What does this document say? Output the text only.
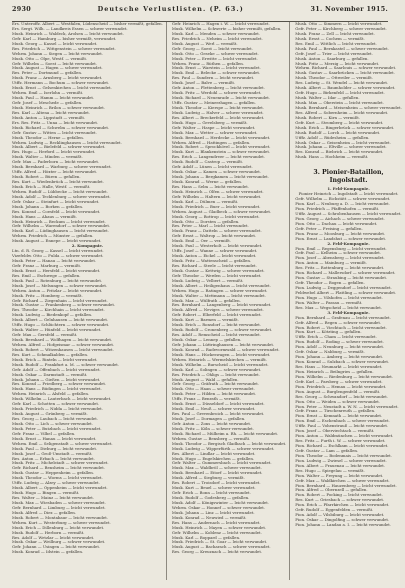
2930	Deutsche Verlustlisten. (P. 63.)	31. November 1915.
Ers. Unteroffz. Albert — Westfalen, Lüdenscheid — bisher vermißt, gefallen.
Ers. Sergt. Wilh. — Landkreis Essen — schwer verwundet.
Musk. Heinrich — Waldeck, Arolsen — leicht verwundet.
Gefr. Karl — Hamburg — bisher vermißt, verwundet.
Musk. Georg — Kassel — leicht verwundet.
Res. Friedrich — Wittgenstein — schwer verwundet.
Wehrm. Johann — Siegen — leicht verwundet.
Musk. Otto — Olpe, Westf. — vermißt.
Gefr. Wilhelm — Soest — leicht verwundet.
Musk. August — Hagen — schwer verwundet.
Res. Peter — Dortmund — gefallen.
Musk. Franz — Arnsberg — leicht verwundet.
Utffz. Hermann — Bochum — schwer verwundet.
Musk. Ernst — Gelsenkirchen — leicht verwundet.
Wehrm. Emil — Iserlohn — vermißt.
Musk. Paul — Hamm — leicht verwundet.
Gefr. Josef — Meschede — gefallen.
Musk. Heinrich — Brilon — schwer verwundet.
Res. Karl — Altena — leicht verwundet.
Musk. Anton — Lippstadt — vermißt.
Ers. Res. Fritz — Unna — leicht verwundet.
Musk. Richard — Schwelm — schwer verwundet.
Gefr. Gustav — Witten — leicht verwundet.
Musk. Theodor — Herne — gefallen.
Wehrm. Ludwig — Recklinghausen — leicht verwundet.
Musk. Albert — Bielefeld — schwer verwundet.
Res. Hugo — Herford — leicht verwundet.
Musk. Walter — Minden — vermißt.
Gefr. Max — Paderborn — leicht verwundet.
Musk. Bernhard — Warburg — schwer verwundet.
Utffz. Alfred — Höxter — leicht verwundet.
Musk. Robert — Büren — gefallen.
Res. Kurt — Wiedenbrück — leicht verwundet.
Musk. Erich — Halle, Westf. — vermißt.
Wehrm. Rudolf — Lübbecke — leicht verwundet.
Musk. Adolf — Tecklenburg — schwer verwundet.
Gefr. Oskar — Steinfurt — leicht verwundet.
Musk. Johann — Borken — gefallen.
Res. Konrad — Coesfeld — leicht verwundet.
Musk. Hans — Ahaus — vermißt.
Musk. Heinrich — Beckum — leicht verwundet.
Gefr. Wilhelm — Warendorf — schwer verwundet.
Musk. Karl — Lüdinghausen — leicht verwundet.
Wehrm. Friedrich — Münster — gefallen.
Musk. August — Ennepe — leicht verwundet.
2. Kompagnie.
Ltn. d. R. Georg — Kassel — leicht verwundet.
Vizefeldw. Otto — Fulda — schwer verwundet.
Musk. Peter — Hanau — leicht verwundet.
Gefr. Franz — Marburg — vermißt.
Musk. Ernst — Hersfeld — leicht verwundet.
Res. Emil — Eschwege — gefallen.
Musk. Paul — Rotenburg — leicht verwundet.
Musk. Josef — Melsungen — schwer verwundet.
Wehrm. Anton — Fritzlar — leicht verwundet.
Musk. Fritz — Homberg — vermißt.
Gefr. Richard — Ziegenhain — leicht verwundet.
Musk. Gustav — Frankenberg — schwer verwundet.
Res. Theodor — Kirchhain — leicht verwundet.
Musk. Ludwig — Biedenkopf — gefallen.
Musk. Albert — Gelnhausen — leicht verwundet.
Utffz. Hugo — Schlüchtern — schwer verwundet.
Musk. Walter — Hünfeld — leicht verwundet.
Gefr. Max — Gersfeld — vermißt.
Musk. Bernhard — Wolfhagen — leicht verwundet.
Wehrm. Alfred — Hofgeismar — schwer verwundet.
Musk. Robert — Witzenhausen — leicht verwundet.
Res. Kurt — Schmalkalden — gefallen.
Musk. Erich — Rinteln — leicht verwundet.
Musk. Rudolf — Frankfurt a. M. — schwer verwundet.
Gefr. Adolf — Offenbach — leicht verwundet.
Musk. Oskar — Darmstadt — vermißt.
Musk. Johann — Gießen — leicht verwundet.
Res. Konrad — Friedberg — schwer verwundet.
Musk. Hans — Büdingen — leicht verwundet.
Wehrm. Heinrich — Alsfeld — gefallen.
Musk. Wilhelm — Lauterbach — leicht verwundet.
Gefr. Karl — Schotten — schwer verwundet.
Musk. Friedrich — Nidda — leicht verwundet.
Musk. August — Grünberg — vermißt.
Res. Georg — Laubach — leicht verwundet.
Musk. Otto — Lich — schwer verwundet.
Musk. Peter — Butzbach — leicht verwundet.
Gefr. Franz — Vilbel — gefallen.
Musk. Ernst — Hanau — leicht verwundet.
Wehrm. Emil — Seligenstadt — schwer verwundet.
Musk. Paul — Dieburg — leicht verwundet.
Musk. Josef — Groß-Umstadt — vermißt.
Res. Anton — Erbach — leicht verwundet.
Musk. Fritz — Michelstadt — schwer verwundet.
Gefr. Richard — Bensheim — leicht verwundet.
Musk. Gustav — Heppenheim — gefallen.
Musk. Theodor — Worms — leicht verwundet.
Utffz. Ludwig — Alzey — schwer verwundet.
Musk. Albert — Oppenheim — leicht verwundet.
Musk. Hugo — Bingen — vermißt.
Res. Walter — Mainz — leicht verwundet.
Musk. Max — Wiesbaden — schwer verwundet.
Gefr. Bernhard — Limburg — leicht verwundet.
Musk. Alfred — Diez — gefallen.
Musk. Robert — Montabaur — leicht verwundet.
Wehrm. Kurt — Westerburg — schwer verwundet.
Musk. Erich — Dillenburg — leicht verwundet.
Musk. Rudolf — Herborn — vermißt.
Res. Adolf — Wetzlar — leicht verwundet.
Musk. Oskar — Weilburg — schwer verwundet.
Gefr. Johann — Usingen — leicht verwundet.
Musk. Konrad — Idstein — gefallen.
Gefr. Heinrich — Hagen i. W. — leicht verwundet.
Musk. Wilhelm — Schwerte — bisher vermißt, gefallen.
Musk. Karl — Menden — schwer verwundet.
Res. Friedrich — Neheim — leicht verwundet.
Musk. August — Werl — vermißt.
Gefr. Georg — Soest — leicht verwundet.
Musk. Otto — Geseke — schwer verwundet.
Musk. Peter — Erwitte — leicht verwundet.
Wehrm. Franz — Rüthen — gefallen.
Musk. Ernst — Warstein — leicht verwundet.
Musk. Emil — Belecke — schwer verwundet.
Res. Paul — Sundern — leicht verwundet.
Musk. Josef — Balve — vermißt.
Gefr. Anton — Plettenberg — leicht verwundet.
Musk. Fritz — Werdohl — schwer verwundet.
Musk. Richard — Neuenrade — leicht verwundet.
Utffz. Gustav — Meinerzhagen — gefallen.
Musk. Theodor — Kierspe — leicht verwundet.
Musk. Ludwig — Halver — schwer verwundet.
Res. Albert — Breckerfeld — leicht verwundet.
Musk. Hugo — Gevelsberg — vermißt.
Gefr. Walter — Haspe — leicht verwundet.
Musk. Max — Wetter — schwer verwundet.
Musk. Bernhard — Herdecke — leicht verwundet.
Wehrm. Alfred — Hattingen — gefallen.
Musk. Robert — Sprockhövel — leicht verwundet.
Musk. Kurt — Blankenstein — schwer verwundet.
Res. Erich — Langendreer — leicht verwundet.
Musk. Rudolf — Castrop — vermißt.
Gefr. Adolf — Lünen — leicht verwundet.
Musk. Oskar — Kamen — schwer verwundet.
Musk. Johann — Bergkamen — leicht verwundet.
Musk. Konrad — Werne — gefallen.
Res. Hans — Selm — leicht verwundet.
Musk. Heinrich — Olfen — schwer verwundet.
Gefr. Wilhelm — Haltern — leicht verwundet.
Musk. Karl — Dülmen — vermißt.
Musk. Friedrich — Buer — leicht verwundet.
Wehrm. August — Gladbeck — schwer verwundet.
Musk. Georg — Bottrop — leicht verwundet.
Musk. Otto — Dorsten — gefallen.
Res. Peter — Marl — leicht verwundet.
Musk. Franz — Datteln — schwer verwundet.
Gefr. Ernst — Waltrop — leicht verwundet.
Musk. Emil — Oer — vermißt.
Musk. Paul — Westerholt — leicht verwundet.
Utffz. Josef — Wanne — schwer verwundet.
Musk. Anton — Eickel — leicht verwundet.
Musk. Fritz — Wattenscheid — gefallen.
Res. Richard — Steele — leicht verwundet.
Musk. Gustav — Kettwig — schwer verwundet.
Gefr. Theodor — Werden — leicht verwundet.
Musk. Ludwig — Velbert — vermißt.
Musk. Albert — Heiligenhaus — leicht verwundet.
Wehrm. Hugo — Ratingen — schwer verwundet.
Musk. Walter — Mettmann — leicht verwundet.
Musk. Max — Wülfrath — gefallen.
Res. Bernhard — Langenberg — leicht verwundet.
Musk. Alfred — Neviges — schwer verwundet.
Gefr. Robert — Elberfeld — leicht verwundet.
Musk. Kurt — Barmen — vermißt.
Musk. Erich — Ronsdorf — leicht verwundet.
Musk. Rudolf — Cronenberg — schwer verwundet.
Res. Adolf — Remscheid — leicht verwundet.
Musk. Oskar — Lennep — gefallen.
Gefr. Johann — Lüttringhausen — leicht verwundet.
Musk. Konrad — Radevormwald — schwer verwundet.
Musk. Hans — Hückeswagen — leicht verwundet.
Wehrm. Heinrich — Wermelskirchen — vermißt.
Musk. Wilhelm — Burscheid — leicht verwundet.
Musk. Karl — Solingen — schwer verwundet.
Res. Friedrich — Ohligs — leicht verwundet.
Musk. August — Wald — gefallen.
Gefr. Georg — Gräfrath — leicht verwundet.
Musk. Otto — Haan — schwer verwundet.
Musk. Peter — Hilden — leicht verwundet.
Utffz. Franz — Benrath — vermißt.
Musk. Ernst — Düsseldorf — leicht verwundet.
Musk. Emil — Neuß — schwer verwundet.
Res. Paul — Grevenbroich — leicht verwundet.
Musk. Josef — Dormagen — gefallen.
Gefr. Anton — Zons — leicht verwundet.
Musk. Fritz — Köln — schwer verwundet.
Musk. Richard — Mülheim a. Rh. — leicht verwundet.
Wehrm. Gustav — Bensberg — vermißt.
Musk. Theodor — Bergisch Gladbach — leicht verwundet.
Musk. Ludwig — Wipperfürth — schwer verwundet.
Res. Albert — Lindlar — leicht verwundet.
Musk. Hugo — Engelskirchen — gefallen.
Gefr. Walter — Gummersbach — leicht verwundet.
Musk. Max — Waldbröl — schwer verwundet.
Musk. Bernhard — Eitorf — leicht verwundet.
Musk. Alfred — Siegburg — vermißt.
Res. Robert — Troisdorf — leicht verwundet.
Musk. Kurt — Beuel — schwer verwundet.
Gefr. Erich — Bonn — leicht verwundet.
Musk. Rudolf — Godesberg — gefallen.
Musk. Adolf — Königswinter — leicht verwundet.
Wehrm. Oskar — Honnef — schwer verwundet.
Musk. Johann — Linz — leicht verwundet.
Musk. Konrad — Neuwied — vermißt.
Res. Hans — Andernach — leicht verwundet.
Musk. Heinrich — Mayen — schwer verwundet.
Gefr. Wilhelm — Koblenz — leicht verwundet.
Musk. Karl — Boppard — gefallen.
Musk. Friedrich — St. Goar — leicht verwundet.
Musk. August — Bacharach — schwer verwundet.
Res. Georg — Kreuznach — leicht verwundet.
Musk. Otto — Simmern — leicht verwundet.
Gefr. Peter — Kirchberg — schwer verwundet.
Musk. Franz — Zell — leicht verwundet.
Musk. Ernst — Cochem — vermißt.
Res. Emil — Wittlich — leicht verwundet.
Musk. Paul — Bernkastel — schwer verwundet.
Gefr. Josef — Trier — leicht verwundet.
Musk. Anton — Saarburg — gefallen.
Musk. Fritz — Merzig — leicht verwundet.
Wehrm. Richard — Saarlouis — schwer verwundet.
Musk. Gustav — Saarbrücken — leicht verwundet.
Musk. Theodor — Ottweiler — vermißt.
Res. Ludwig — St. Wendel — leicht verwundet.
Musk. Albert — Baumholder — schwer verwundet.
Gefr. Hugo — Birkenfeld — leicht verwundet.
Musk. Walter — Idar — gefallen.
Musk. Max — Oberstein — leicht verwundet.
Musk. Bernhard — Meisenheim — schwer verwundet.
Res. Alfred — Sobernheim — leicht verwundet.
Musk. Robert — Kirn — vermißt.
Gefr. Kurt — Stromberg — leicht verwundet.
Musk. Erich — Bingerbrück — schwer verwundet.
Musk. Rudolf — Lorch — leicht verwundet.
Utffz. Adolf — Rüdesheim — gefallen.
Musk. Oskar — Geisenheim — leicht verwundet.
Musk. Johann — Eltville — schwer verwundet.
Res. Konrad — Biebrich — leicht verwundet.
Musk. Hans — Hochheim — vermißt.
3. Pionier-Bataillon, Ingolstadt.
1. Feld-Kompagnie.
Pionier Heinrich — Ingolstadt — leicht verwundet.
Gefr. Wilhelm — Eichstätt — schwer verwundet.
Pion. Karl — Neuburg a. D. — leicht verwundet.
Pion. Friedrich — Pfaffenhofen — vermißt.
Utffz. August — Schrobenhausen — leicht verwundet.
Pion. Georg — Aichach — schwer verwundet.
Pion. Otto — Dachau — leicht verwundet.
Gefr. Peter — Freising — gefallen.
Pion. Franz — Moosburg — leicht verwundet.
Pion. Ernst — Landshut — schwer verwundet.
2. Feld-Kompagnie.
Pion. Emil — Regensburg — leicht verwundet.
Gefr. Paul — Kelheim — schwer verwundet.
Pion. Josef — Abensberg — leicht verwundet.
Pion. Anton — Mainburg — vermißt.
Res. Fritz — Rottenburg — leicht verwundet.
Pion. Richard — Mallersdorf — schwer verwundet.
Pion. Gustav — Straubing — leicht verwundet.
Gefr. Theodor — Bogen — gefallen.
Pion. Ludwig — Deggendorf — leicht verwundet.
Feldwebel Albert — Plattling — schwer verwundet.
Pion. Hugo — Vilshofen — leicht verwundet.
Pion. Walter — Passau — vermißt.
Res. Max — Wegscheid — leicht verwundet.
3. Feld-Kompagnie.
Pion. Bernhard — Grafenau — leicht verwundet.
Gefr. Alfred — Regen — schwer verwundet.
Pion. Robert — Viechtach — leicht verwundet.
Pion. Kurt — Kötzting — gefallen.
Utffz. Erich — Cham — leicht verwundet.
Pion. Rudolf — Roding — schwer verwundet.
Pion. Adolf — Neunburg — leicht verwundet.
Gefr. Oskar — Nabburg — vermißt.
Pion. Johann — Amberg — leicht verwundet.
Pion. Konrad — Sulzbach — schwer verwundet.
Res. Hans — Neumarkt — leicht verwundet.
Pion. Heinrich — Beilngries — gefallen.
Pion. Wilhelm — Riedenburg — leicht verwundet.
Gefr. Karl — Parsberg — schwer verwundet.
Pion. Friedrich — Hemau — leicht verwundet.
Pion. August — Burglengenfeld — vermißt.
Res. Georg — Schwandorf — leicht verwundet.
Pion. Otto — Weiden — schwer verwundet.
Pion. Peter — Neustadt a. W. N. — leicht verwundet.
Gefr. Franz — Tirschenreuth — gefallen.
Pion. Ernst — Kemnath — leicht verwundet.
Pion. Emil — Eschenbach — schwer verwundet.
Utffz. Paul — Vohenstrauß — leicht verwundet.
Pion. Josef — Oberviechtach — vermißt.
Pion. Anton — Waldmünchen — leicht verwundet.
Res. Fritz — Furth i. W. — schwer verwundet.
Pion. Richard — Eschlkam — leicht verwundet.
Gefr. Gustav — Lam — gefallen.
Pion. Theodor — Bodenmais — leicht verwundet.
Pion. Ludwig — Zwiesel — schwer verwundet.
Pion. Albert — Frauenau — leicht verwundet.
Res. Hugo — Spiegelau — vermißt.
Pion. Walter — Freyung — leicht verwundet.
Gefr. Max — Waldkirchen — schwer verwundet.
Pion. Bernhard — Hauzenberg — leicht verwundet.
Pion. Alfred — Obernzell — gefallen.
Pion. Robert — Pocking — leicht verwundet.
Res. Kurt — Griesbach — schwer verwundet.
Pion. Erich — Pfarrkirchen — leicht verwundet.
Gefr. Rudolf — Eggenfelden — vermißt.
Pion. Adolf — Vilsbiburg — leicht verwundet.
Pion. Oskar — Dingolfing — schwer verwundet.
Pion. Johann — Landau a. I. — leicht verwundet.
